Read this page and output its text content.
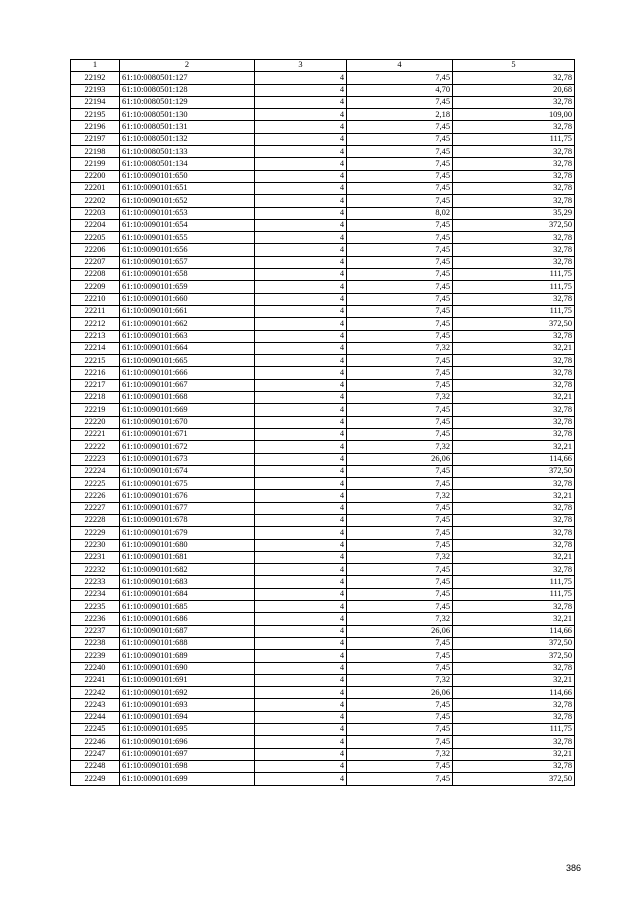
1	2	3	4	5
22192	61:10:0080501:127	4	7,45	32,78
22193	61:10:0080501:128	4	4,70	20,68
22194	61:10:0080501:129	4	7,45	32,78
22195	61:10:0080501:130	4	2,18	109,00
22196	61:10:0080501:131	4	7,45	32,78
22197	61:10:0080501:132	4	7,45	111,75
22198	61:10:0080501:133	4	7,45	32,78
22199	61:10:0080501:134	4	7,45	32,78
22200	61:10:0090101:650	4	7,45	32,78
22201	61:10:0090101:651	4	7,45	32,78
22202	61:10:0090101:652	4	7,45	32,78
22203	61:10:0090101:653	4	8,02	35,29
22204	61:10:0090101:654	4	7,45	372,50
22205	61:10:0090101:655	4	7,45	32,78
22206	61:10:0090101:656	4	7,45	32,78
22207	61:10:0090101:657	4	7,45	32,78
22208	61:10:0090101:658	4	7,45	111,75
22209	61:10:0090101:659	4	7,45	111,75
22210	61:10:0090101:660	4	7,45	32,78
22211	61:10:0090101:661	4	7,45	111,75
22212	61:10:0090101:662	4	7,45	372,50
22213	61:10:0090101:663	4	7,45	32,78
22214	61:10:0090101:664	4	7,32	32,21
22215	61:10:0090101:665	4	7,45	32,78
22216	61:10:0090101:666	4	7,45	32,78
22217	61:10:0090101:667	4	7,45	32,78
22218	61:10:0090101:668	4	7,32	32,21
22219	61:10:0090101:669	4	7,45	32,78
22220	61:10:0090101:670	4	7,45	32,78
22221	61:10:0090101:671	4	7,45	32,78
22222	61:10:0090101:672	4	7,32	32,21
22223	61:10:0090101:673	4	26,06	114,66
22224	61:10:0090101:674	4	7,45	372,50
22225	61:10:0090101:675	4	7,45	32,78
22226	61:10:0090101:676	4	7,32	32,21
22227	61:10:0090101:677	4	7,45	32,78
22228	61:10:0090101:678	4	7,45	32,78
22229	61:10:0090101:679	4	7,45	32,78
22230	61:10:0090101:680	4	7,45	32,78
22231	61:10:0090101:681	4	7,32	32,21
22232	61:10:0090101:682	4	7,45	32,78
22233	61:10:0090101:683	4	7,45	111,75
22234	61:10:0090101:684	4	7,45	111,75
22235	61:10:0090101:685	4	7,45	32,78
22236	61:10:0090101:686	4	7,32	32,21
22237	61:10:0090101:687	4	26,06	114,66
22238	61:10:0090101:688	4	7,45	372,50
22239	61:10:0090101:689	4	7,45	372,50
22240	61:10:0090101:690	4	7,45	32,78
22241	61:10:0090101:691	4	7,32	32,21
22242	61:10:0090101:692	4	26,06	114,66
22243	61:10:0090101:693	4	7,45	32,78
22244	61:10:0090101:694	4	7,45	32,78
22245	61:10:0090101:695	4	7,45	111,75
22246	61:10:0090101:696	4	7,45	32,78
22247	61:10:0090101:697	4	7,32	32,21
22248	61:10:0090101:698	4	7,45	32,78
22249	61:10:0090101:699	4	7,45	372,50
386
